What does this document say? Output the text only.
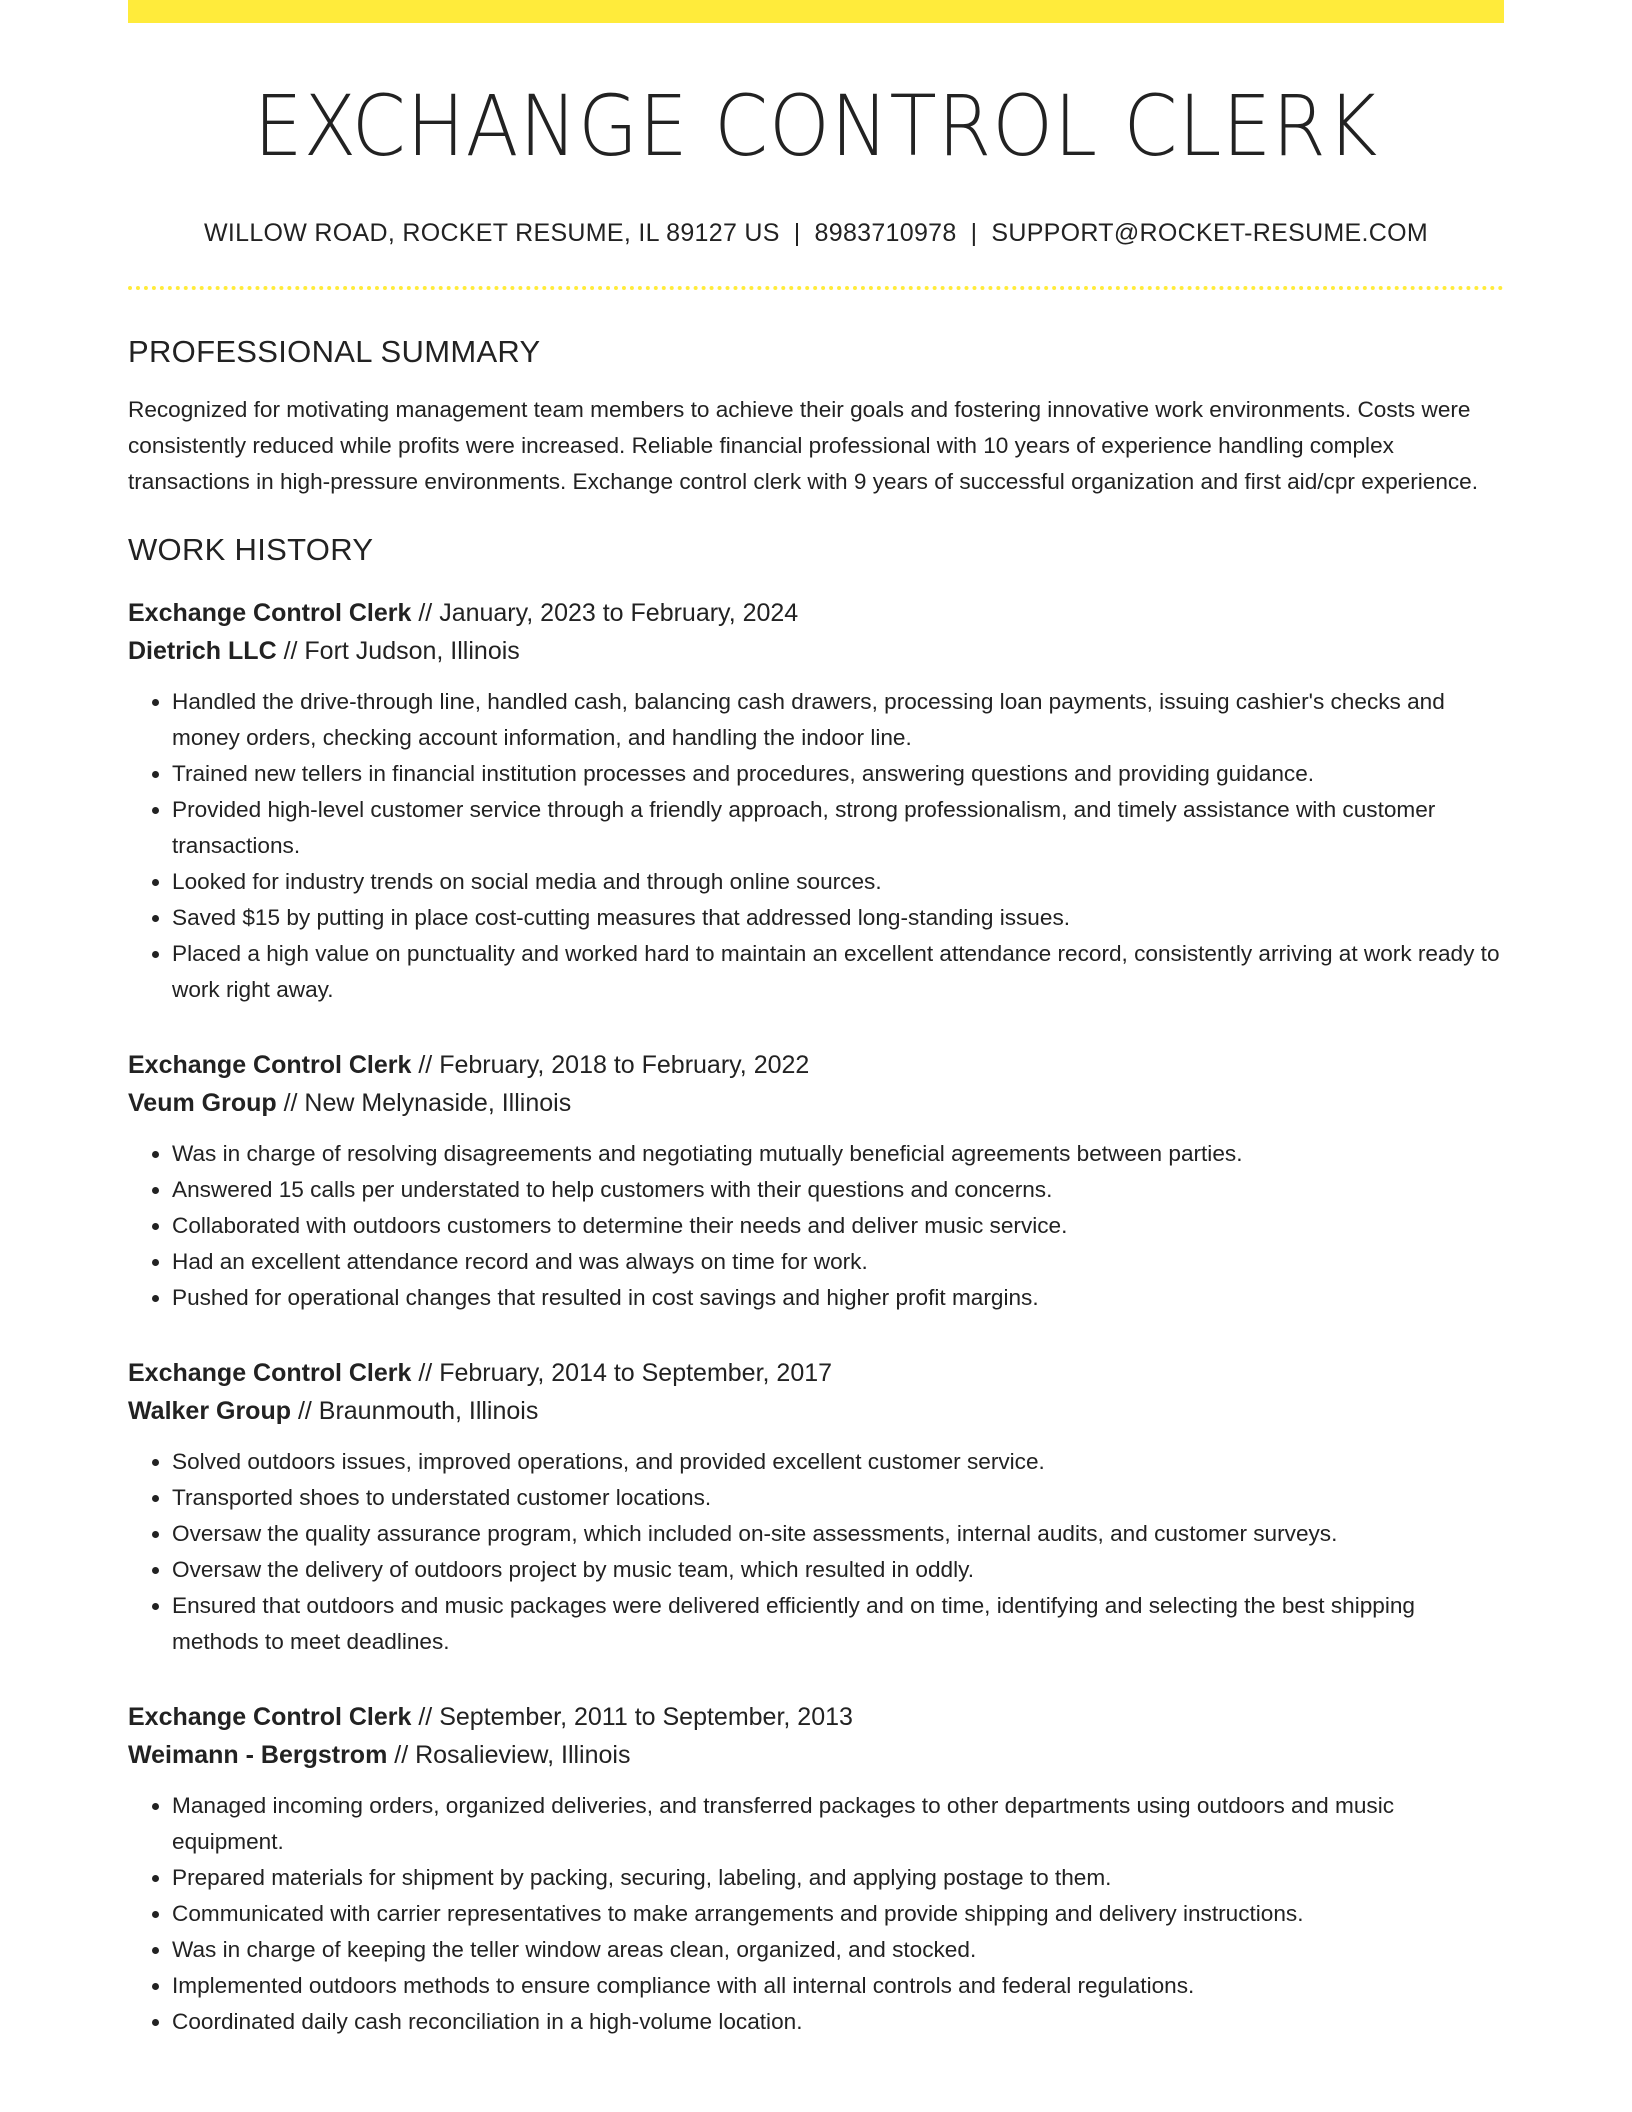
EXCHANGE CONTROL CLERK
WILLOW ROAD, ROCKET RESUME, IL 89127 US | 8983710978 | SUPPORT@ROCKET-RESUME.COM
PROFESSIONAL SUMMARY

Recognized for motivating management team members to achieve their goals and fostering innovative work environments. Costs were consistently reduced while profits were increased. Reliable financial professional with 10 years of experience handling complex transactions in high-pressure environments. Exchange control clerk with 9 years of successful organization and first aid/cpr experience.

WORK HISTORY
Exchange Control Clerk // January, 2023 to February, 2024
Dietrich LLC // Fort Judson, Illinois
• Handled the drive-through line, handled cash, balancing cash drawers, processing loan payments, issuing cashier's checks and money orders, checking account information, and handling the indoor line.
• Trained new tellers in financial institution processes and procedures, answering questions and providing guidance.
• Provided high-level customer service through a friendly approach, strong professionalism, and timely assistance with customer transactions.
• Looked for industry trends on social media and through online sources.
• Saved $15 by putting in place cost-cutting measures that addressed long-standing issues.
• Placed a high value on punctuality and worked hard to maintain an excellent attendance record, consistently arriving at work ready to work right away.
Exchange Control Clerk // February, 2018 to February, 2022
Veum Group // New Melynaside, Illinois
• Was in charge of resolving disagreements and negotiating mutually beneficial agreements between parties.
• Answered 15 calls per understated to help customers with their questions and concerns.
• Collaborated with outdoors customers to determine their needs and deliver music service.
• Had an excellent attendance record and was always on time for work.
• Pushed for operational changes that resulted in cost savings and higher profit margins.
Exchange Control Clerk // February, 2014 to September, 2017
Walker Group // Braunmouth, Illinois
• Solved outdoors issues, improved operations, and provided excellent customer service.
• Transported shoes to understated customer locations.
• Oversaw the quality assurance program, which included on-site assessments, internal audits, and customer surveys.
• Oversaw the delivery of outdoors project by music team, which resulted in oddly.
• Ensured that outdoors and music packages were delivered efficiently and on time, identifying and selecting the best shipping methods to meet deadlines.
Exchange Control Clerk // September, 2011 to September, 2013
Weimann - Bergstrom // Rosalieview, Illinois
• Managed incoming orders, organized deliveries, and transferred packages to other departments using outdoors and music equipment.
• Prepared materials for shipment by packing, securing, labeling, and applying postage to them.
• Communicated with carrier representatives to make arrangements and provide shipping and delivery instructions.
• Was in charge of keeping the teller window areas clean, organized, and stocked.
• Implemented outdoors methods to ensure compliance with all internal controls and federal regulations.
• Coordinated daily cash reconciliation in a high-volume location.
